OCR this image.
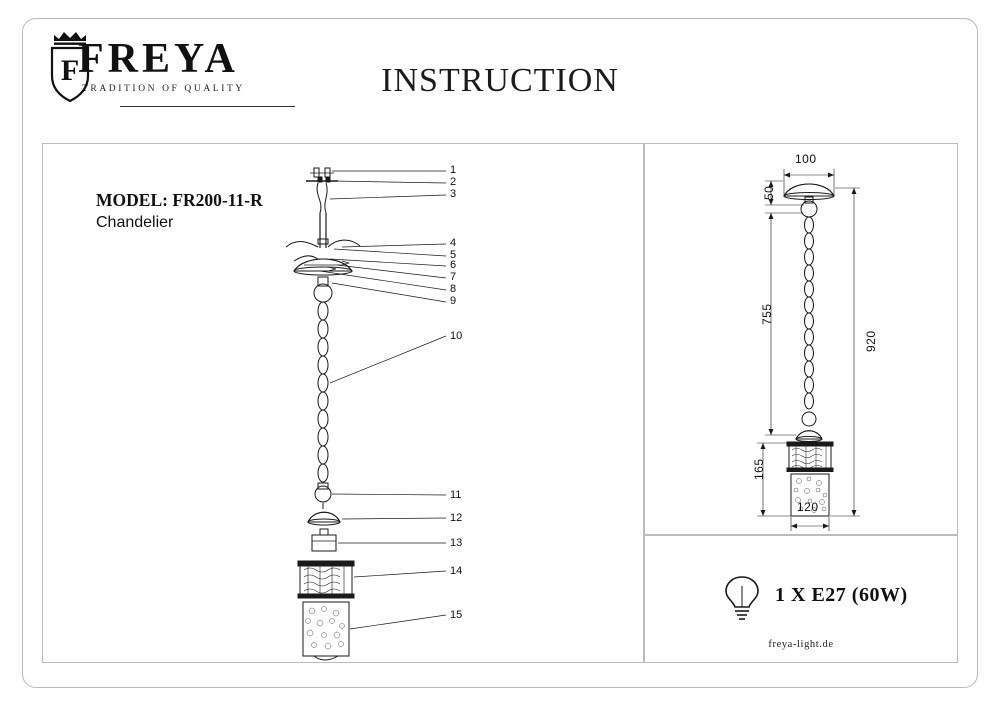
F
FREYA
TRADITION OF QUALITY	INSTRUCTION
MODEL: FR200-11-R
Chandelier
1
2
3
4
5
6
7
8
9
10
11
12
13
14
15
100
50
755
165
920
120
1 X E27 (60W)
freya-light.de
